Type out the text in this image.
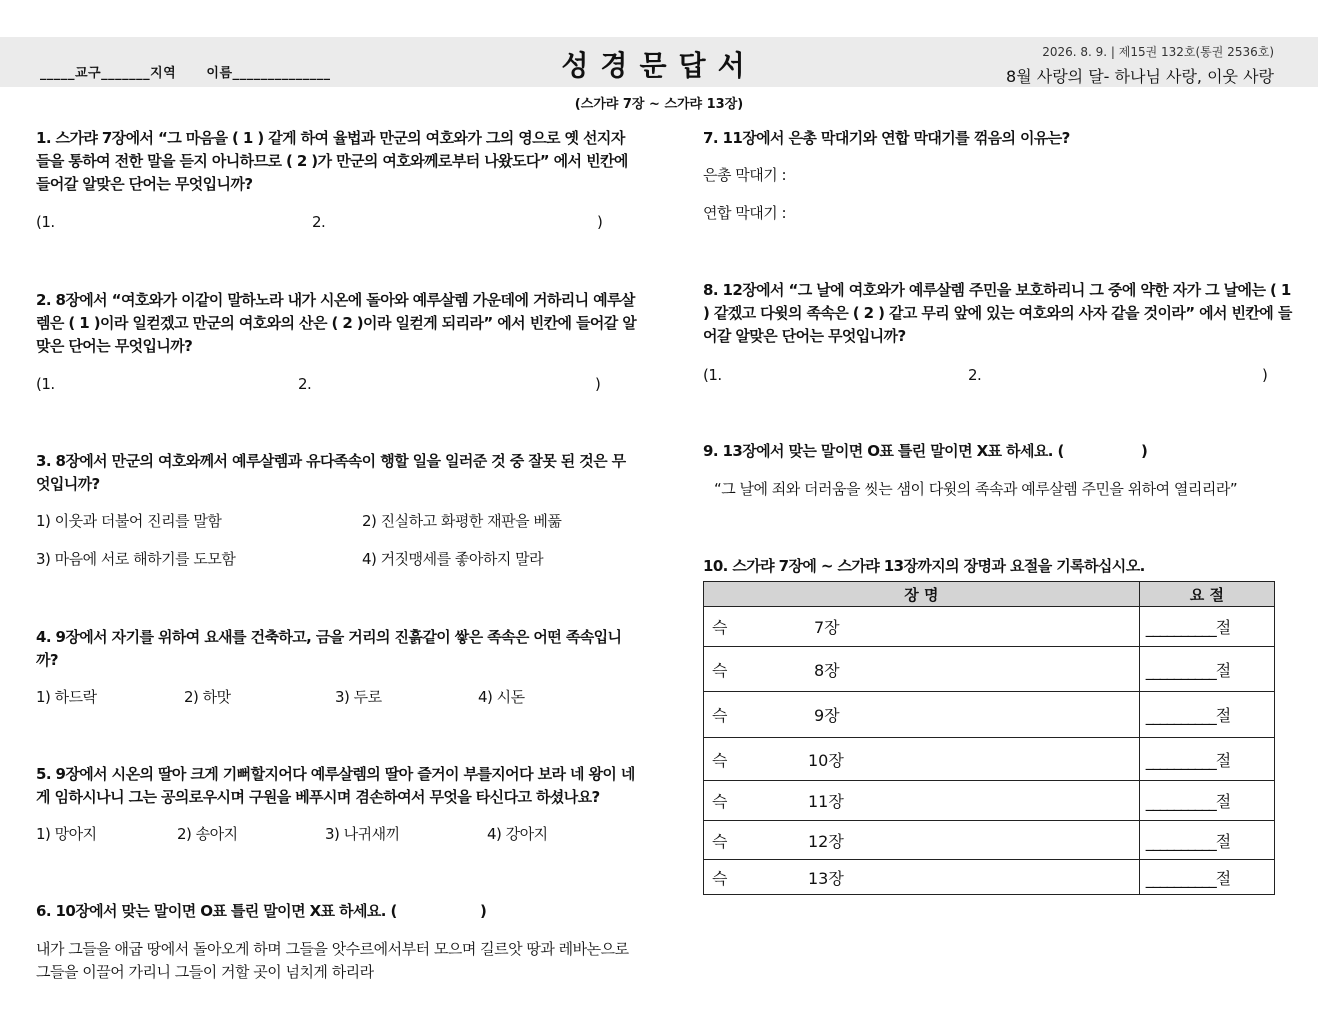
_____교구_______지역      이름______________	성경문답서	2026. 8. 9. | 제15권 132호(통권 2536호)
8월 사랑의 달- 하나님 사랑, 이웃 사랑
(스가랴 7장 ~ 스가랴 13장)
1. 스가랴 7장에서 “그 마음을 ( 1 ) 같게 하여 율법과 만군의 여호와가 그의 영으로 옛 선지자
들을 통하여 전한 말을 듣지 아니하므로 ( 2 )가 만군의 여호와께로부터 나왔도다” 에서 빈칸에
들어갈 알맞은 단어는 무엇입니까?
(1.	2.	)
2. 8장에서 “여호와가 이같이 말하노라 내가 시온에 돌아와 예루살렘 가운데에 거하리니 예루살
렘은 ( 1 )이라 일컫겠고 만군의 여호와의 산은 ( 2 )이라 일컫게 되리라” 에서 빈칸에 들어갈 알
맞은 단어는 무엇입니까?
(1.	2.	)
3. 8장에서 만군의 여호와께서 예루살렘과 유다족속이 행할 일을 일러준 것 중 잘못 된 것은 무
엇입니까?
1) 이웃과 더불어 진리를 말함	2) 진실하고 화평한 재판을 베풂
3) 마음에 서로 해하기를 도모함	4) 거짓맹세를 좋아하지 말라
4. 9장에서 자기를 위하여 요새를 건축하고, 금을 거리의 진흙같이 쌓은 족속은 어떤 족속입니
까?
1) 하드락	2) 하맛	3) 두로	4) 시돈
5. 9장에서 시온의 딸아 크게 기뻐할지어다 예루살렘의 딸아 즐거이 부를지어다 보라 네 왕이 네
게 임하시나니 그는 공의로우시며 구원을 베푸시며 겸손하여서 무엇을 타신다고 하셨나요?
1) 망아지	2) 송아지	3) 나귀새끼	4) 강아지
6. 10장에서 맞는 말이면 O표 틀린 말이면 X표 하세요. (	)
내가 그들을 애굽 땅에서 돌아오게 하며 그들을 앗수르에서부터 모으며 길르앗 땅과 레바논으로
그들을 이끌어 가리니 그들이 거할 곳이 넘치게 하리라
7. 11장에서 은총 막대기와 연합 막대기를 꺾음의 이유는?
은총 막대기 :
연합 막대기 :
8. 12장에서 “그 날에 여호와가 예루살렘 주민을 보호하리니 그 중에 약한 자가 그 날에는 ( 1
) 같겠고 다윗의 족속은 ( 2 ) 같고 무리 앞에 있는 여호와의 사자 같을 것이라” 에서 빈칸에 들
어갈 알맞은 단어는 무엇입니까?
(1.	2.	)
9. 13장에서 맞는 말이면 O표 틀린 말이면 X표 하세요. (	)
“그 날에 죄와 더러움을 씻는 샘이 다윗의 족속과 예루살렘 주민을 위하여 열리리라”
10. 스가랴 7장에 ~ 스가랴 13장까지의 장명과 요절을 기록하십시오.
장 명	요 절
슥 7장	__________절
슥 8장	__________절
슥 9장	__________절
슥 10장	__________절
슥 11장	__________절
슥 12장	__________절
슥 13장	__________절
